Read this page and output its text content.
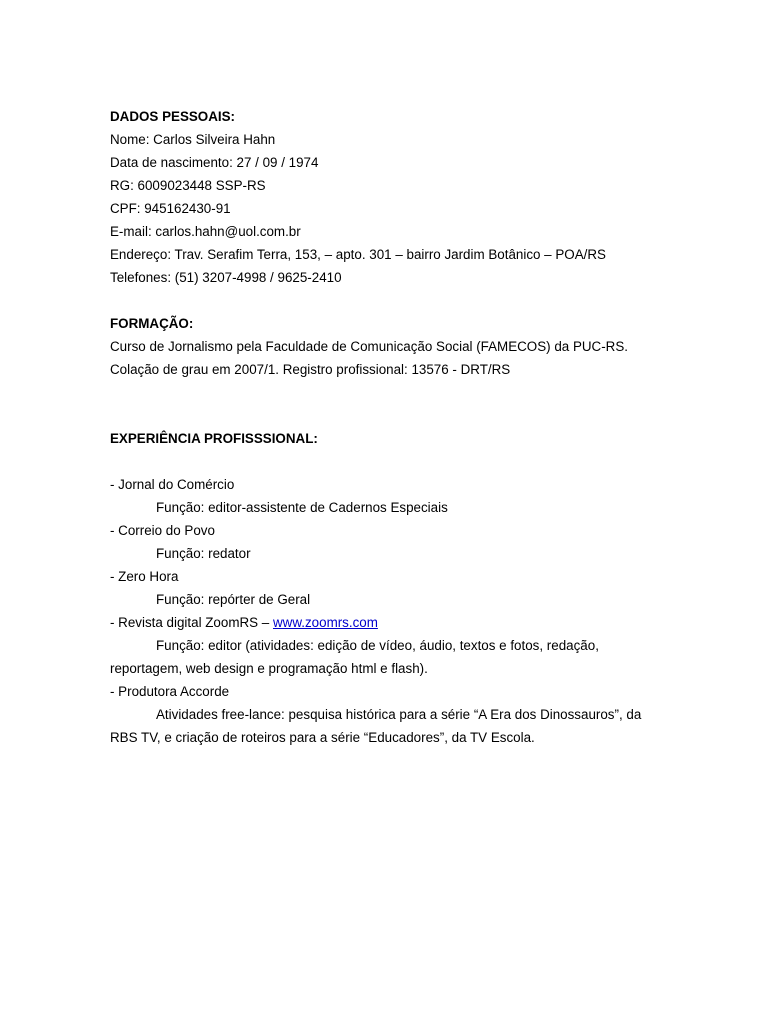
DADOS PESSOAIS:
Nome: Carlos Silveira Hahn
Data de nascimento: 27 / 09 / 1974
RG: 6009023448 SSP-RS
CPF: 945162430-91
E-mail: carlos.hahn@uol.com.br
Endereço: Trav. Serafim Terra, 153, – apto. 301 – bairro Jardim Botânico – POA/RS
Telefones: (51) 3207-4998 / 9625-2410
FORMAÇÃO:
Curso de Jornalismo pela Faculdade de Comunicação Social (FAMECOS) da PUC-RS. Colação de grau em 2007/1. Registro profissional: 13576 - DRT/RS
EXPERIÊNCIA PROFISSSIONAL:
- Jornal do Comércio
Função: editor-assistente de Cadernos Especiais
- Correio do Povo
Função: redator
- Zero Hora
Função: repórter de Geral
- Revista digital ZoomRS – www.zoomrs.com
Função: editor (atividades: edição de vídeo, áudio, textos e fotos, redação, reportagem, web design e programação html e flash).
- Produtora Accorde
Atividades free-lance: pesquisa histórica para a série “A Era dos Dinossauros”, da RBS TV, e criação de roteiros para a série “Educadores”, da TV Escola.
